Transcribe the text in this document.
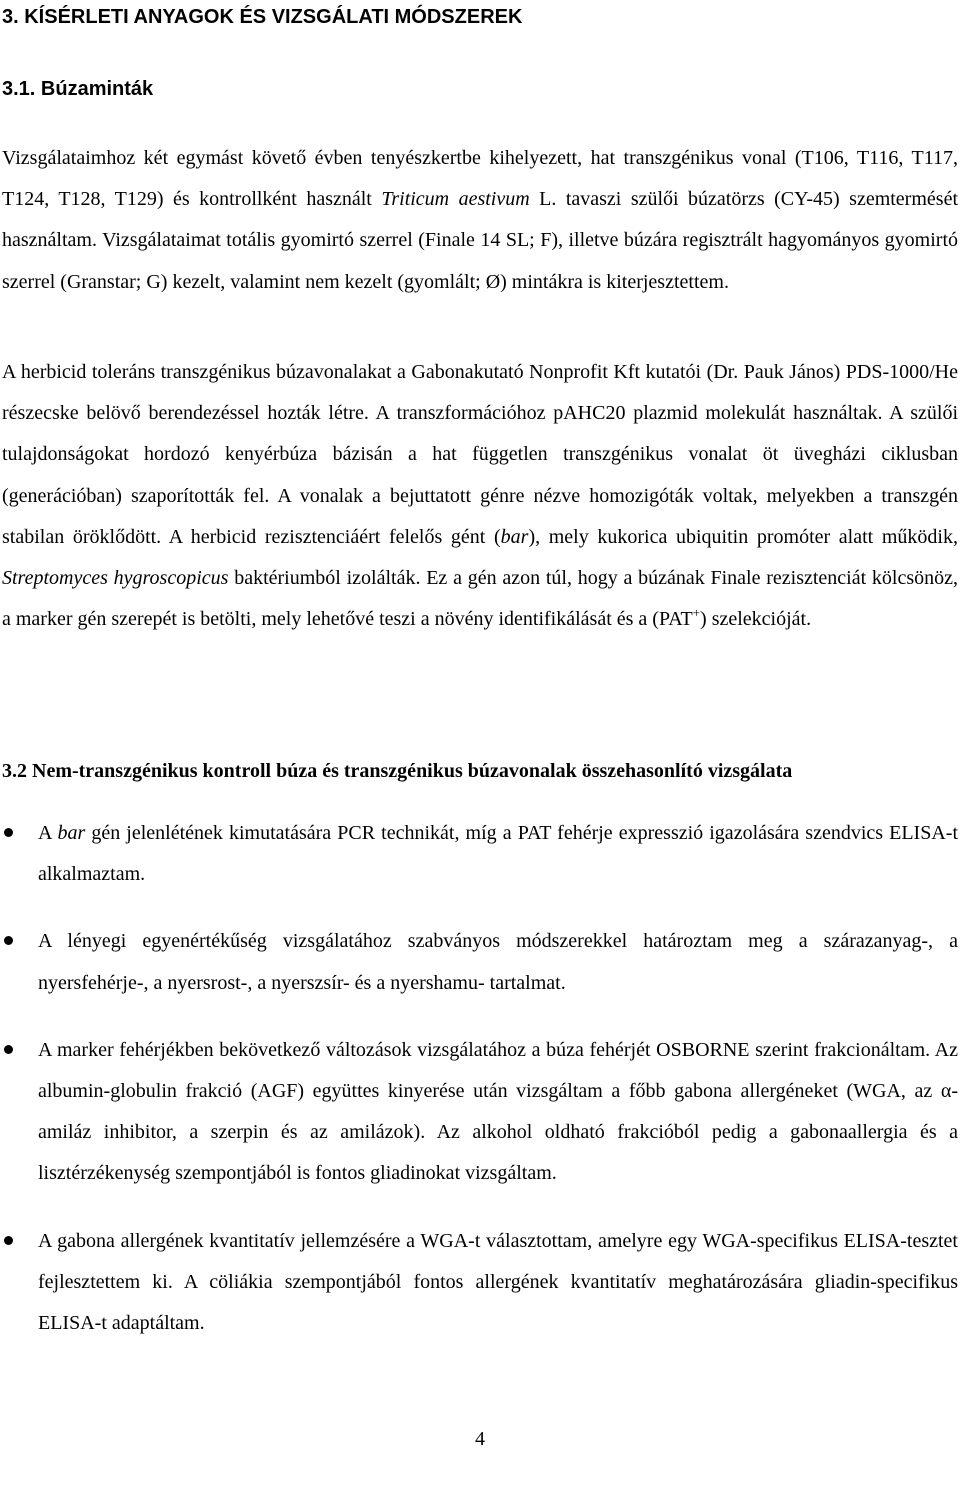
3. KÍSÉRLETI ANYAGOK ÉS VIZSGÁLATI MÓDSZEREK
3.1. Búzaminták

Vizsgálataimhoz két egymást követő évben tenyészkertbe kihelyezett, hat transzgénikus vonal (T106, T116, T117, T124, T128, T129) és kontrollként használt Triticum aestivum L. tavaszi szülői búzatörzs (CY-45) szemtermését használtam. Vizsgálataimat totális gyomirtó szerrel (Finale 14 SL; F), illetve búzára regisztrált hagyományos gyomirtó szerrel (Granstar; G) kezelt, valamint nem kezelt (gyomlált; Ø) mintákra is kiterjesztettem.

A herbicid toleráns transzgénikus búzavonalakat a Gabonakutató Nonprofit Kft kutatói (Dr. Pauk János) PDS-1000/He részecske belövő berendezéssel hozták létre. A transzformációhoz pAHC20 plazmid molekulát használtak. A szülői tulajdonságokat hordozó kenyérbúza bázisán a hat független transzgénikus vonalat öt üvegházi ciklusban (generációban) szaporították fel. A vonalak a bejuttatott génre nézve homozigóták voltak, melyekben a transzgén stabilan öröklődött. A herbicid rezisztenciáért felelős gént (bar), mely kukorica ubiquitin promóter alatt működik, Streptomyces hygroscopicus baktériumból izolálták. Ez a gén azon túl, hogy a búzának Finale rezisztenciát kölcsönöz, a marker gén szerepét is betölti, mely lehetővé teszi a növény identifikálását és a (PAT+) szelekcióját.

3.2 Nem-transzgénikus kontroll búza és transzgénikus búzavonalak összehasonlító vizsgálata
A bar gén jelenlétének kimutatására PCR technikát, míg a PAT fehérje expresszió igazolására szendvics ELISA-t alkalmaztam.
A lényegi egyenértékűség vizsgálatához szabványos módszerekkel határoztam meg a szárazanyag-, a nyersfehérje-, a nyersrost-, a nyerszsír- és a nyershamu- tartalmat.
A marker fehérjékben bekövetkező változások vizsgálatához a búza fehérjét OSBORNE szerint frakcionáltam. Az albumin-globulin frakció (AGF) együttes kinyerése után vizsgáltam a főbb gabona allergéneket (WGA, az α-amiláz inhibitor, a szerpin és az amilázok). Az alkohol oldható frakcióból pedig a gabonaallergia és a lisztérzékenység szempontjából is fontos gliadinokat vizsgáltam.
A gabona allergének kvantitatív jellemzésére a WGA-t választottam, amelyre egy WGA-specifikus ELISA-tesztet fejlesztettem ki. A cöliákia szempontjából fontos allergének kvantitatív meghatározására gliadin-specifikus ELISA-t adaptáltam.

4
